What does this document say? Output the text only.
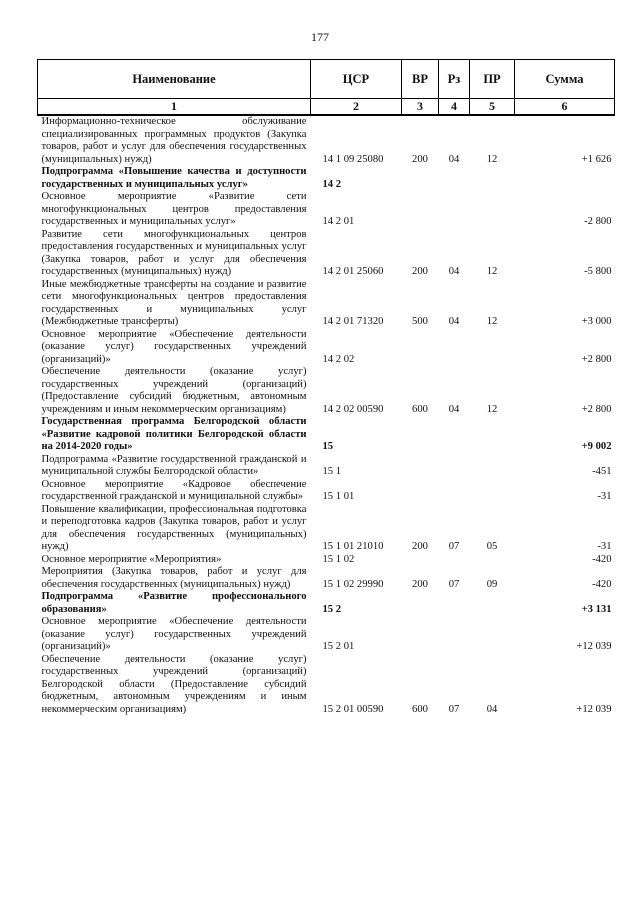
177
Наименование	ЦСР	ВР	Рз	ПР	Сумма
1	2	3	4	5	6
Информационно-техническое обслуживание специализированных программных продуктов (Закупка товаров, работ и услуг для обеспечения государственных (муниципальных) нужд)	14 1 09 25080	200	04	12	+1 626
Подпрограмма «Повышение качества и доступности государственных и муниципальных услуг»	14 2				
Основное мероприятие «Развитие сети многофункциональных центров предоставления государственных и муниципальных услуг»	14 2 01				-2 800
Развитие сети многофункциональных центров предоставления государственных и муниципальных услуг (Закупка товаров, работ и услуг для обеспечения государственных (муниципальных) нужд)	14 2 01 25060	200	04	12	-5 800
Иные межбюджетные трансферты на создание и развитие сети многофункциональных центров предоставления государственных и муниципальных услуг (Межбюджетные трансферты)	14 2 01 71320	500	04	12	+3 000
Основное мероприятие «Обеспечение деятельности (оказание услуг) государственных учреждений (организаций)»	14 2 02				+2 800
Обеспечение деятельности (оказание услуг) государственных учреждений (организаций) (Предоставление субсидий бюджетным, автономным учреждениям и иным некоммерческим организациям)	14 2 02 00590	600	04	12	+2 800
Государственная программа Белгородской области «Развитие кадровой политики Белгородской области на 2014-2020 годы»	15				+9 002
Подпрограмма «Развитие государственной гражданской и муниципальной службы Белгородской области»	15 1				-451
Основное мероприятие «Кадровое обеспечение государственной гражданской и муниципальной службы»	15 1 01				-31
Повышение квалификации, профессиональная подготовка и переподготовка кадров (Закупка товаров, работ и услуг для обеспечения государственных (муниципальных) нужд)	15 1 01 21010	200	07	05	-31
Основное мероприятие «Мероприятия»	15 1 02				-420
Мероприятия (Закупка товаров, работ и услуг для обеспечения государственных (муниципальных) нужд)	15 1 02 29990	200	07	09	-420
Подпрограмма «Развитие профессионального образования»	15 2				+3 131
Основное мероприятие «Обеспечение деятельности (оказание услуг) государственных учреждений (организаций)»	15 2 01				+12 039
Обеспечение деятельности (оказание услуг) государственных учреждений (организаций) Белгородской области (Предоставление субсидий бюджетным, автономным учреждениям и иным некоммерческим организациям)	15 2 01 00590	600	07	04	+12 039
